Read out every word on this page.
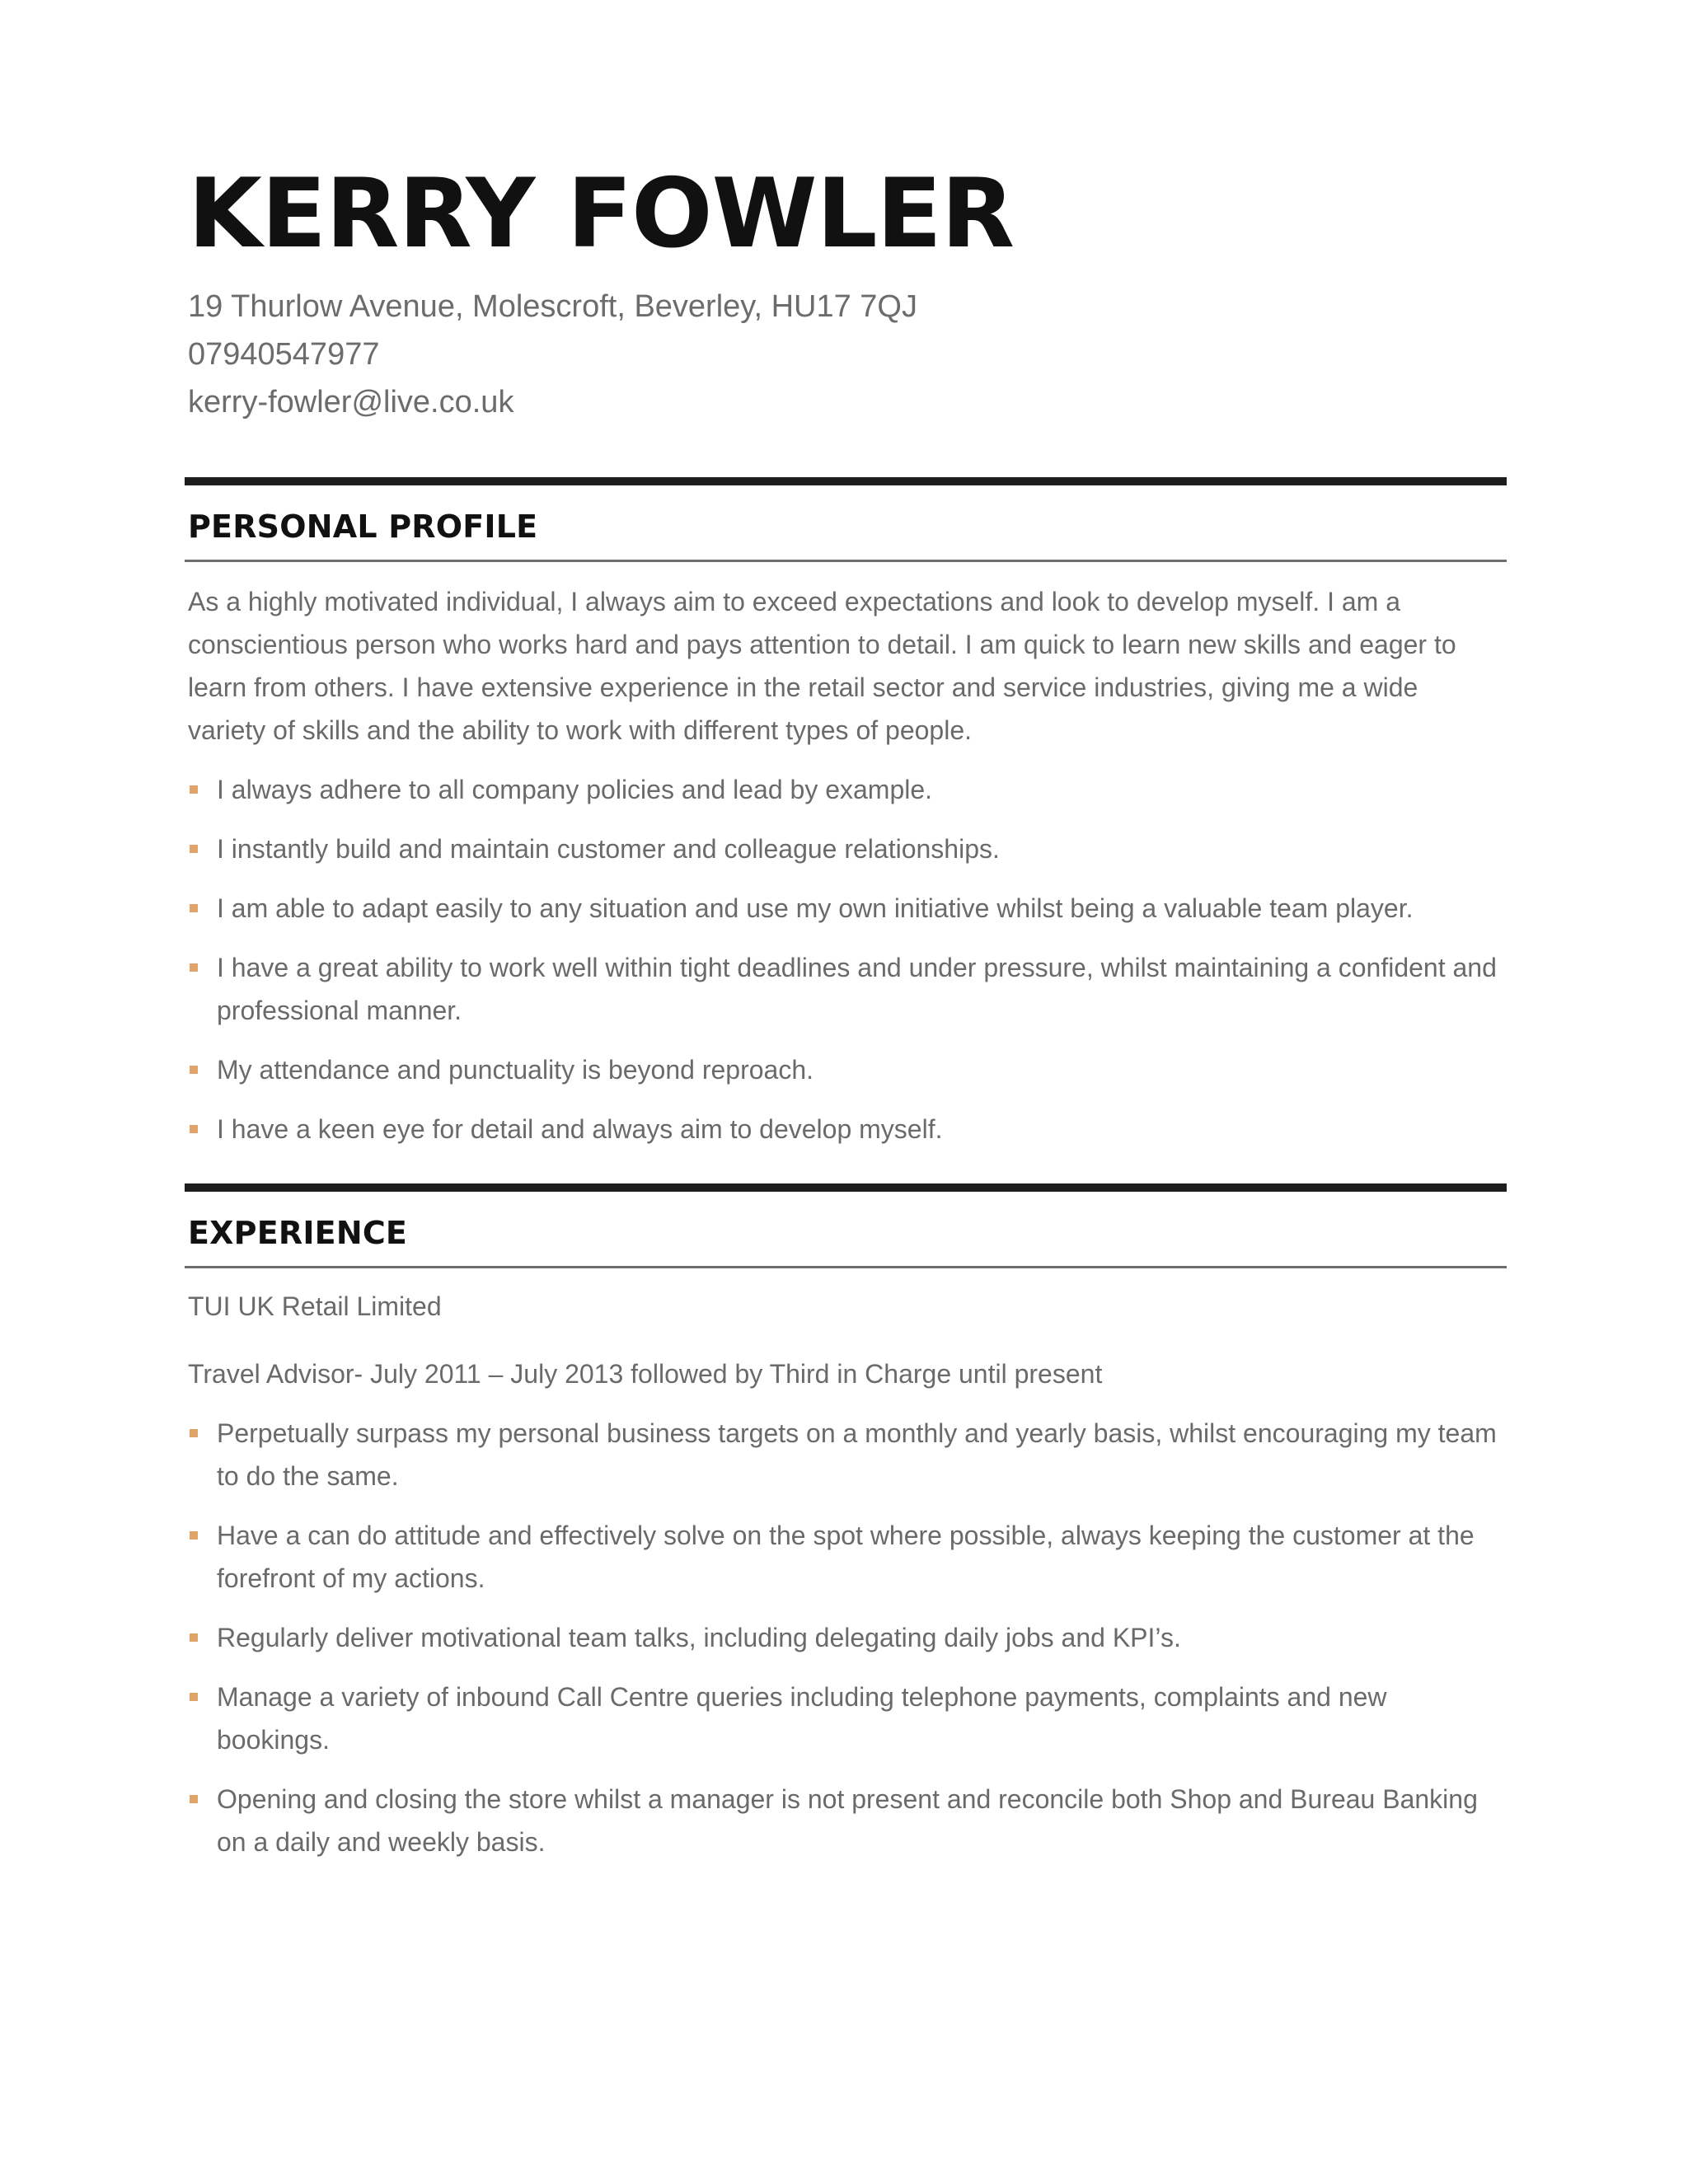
KERRY FOWLER
19 Thurlow Avenue, Molescroft, Beverley, HU17 7QJ
07940547977
kerry-fowler@live.co.uk
PERSONAL PROFILE
As a highly motivated individual, I always aim to exceed expectations and look to develop myself. I am a conscientious person who works hard and pays attention to detail. I am quick to learn new skills and eager to learn from others. I have extensive experience in the retail sector and service industries, giving me a wide variety of skills and the ability to work with different types of people.
I always adhere to all company policies and lead by example.
I instantly build and maintain customer and colleague relationships.
I am able to adapt easily to any situation and use my own initiative whilst being a valuable team player.
I have a great ability to work well within tight deadlines and under pressure, whilst maintaining a confident and professional manner.
My attendance and punctuality is beyond reproach.
I have a keen eye for detail and always aim to develop myself.
EXPERIENCE
TUI UK Retail Limited
Travel Advisor- July 2011 – July 2013 followed by Third in Charge until present
Perpetually surpass my personal business targets on a monthly and yearly basis, whilst encouraging my team to do the same.
Have a can do attitude and effectively solve on the spot where possible, always keeping the customer at the forefront of my actions.
Regularly deliver motivational team talks, including delegating daily jobs and KPI’s.
Manage a variety of inbound Call Centre queries including telephone payments, complaints and new bookings.
Opening and closing the store whilst a manager is not present and reconcile both Shop and Bureau Banking on a daily and weekly basis.
